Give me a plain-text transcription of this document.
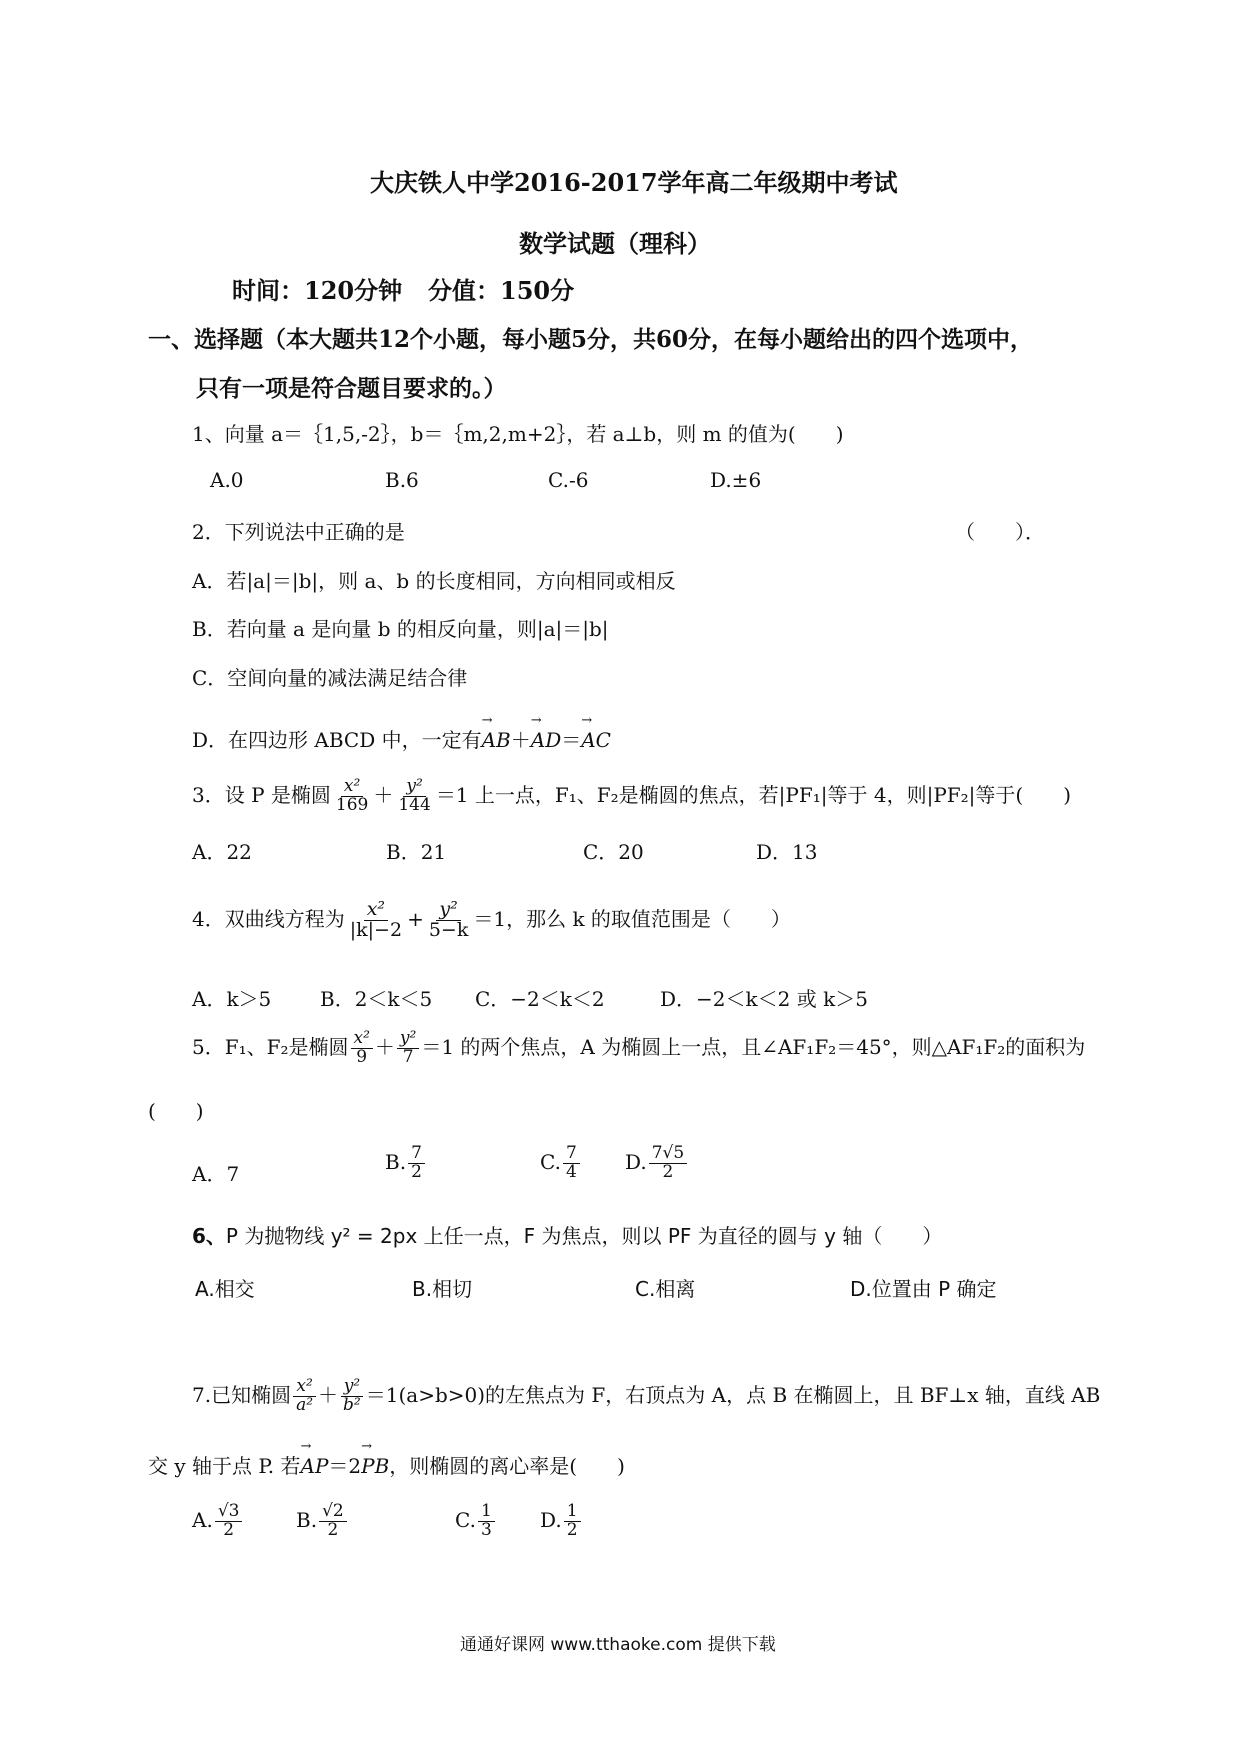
大庆铁人中学2016-2017学年高二年级期中考试
数学试题（理科）
时间：120分钟 分值：150分
一、选择题（本大题共12个小题，每小题5分，共60分，在每小题给出的四个选项中，
只有一项是符合题目要求的。）
1、向量 a＝｛1,5,-2｝，b＝｛m,2,m+2｝，若 a⊥b，则 m 的值为(　　)
A.0	B.6	C.-6	D.±6
2．下列说法中正确的是	（　　）．
A．若|a|＝|b|，则 a、b 的长度相同，方向相同或相反
B．若向量 a 是向量 b 的相反向量，则|a|＝|b|
C．空间向量的减法满足结合律
D．在四边形 ABCD 中，一定有→ AB＋→ AD＝→ AC
3．设 P 是椭圆 $\frac{\text{x²}}{169} + \frac{\text{y²}}{144} =1$ 上一点，F₁、F₂是椭圆的焦点，若|PF₁|等于 4，则|PF₂|等于(　　)
A．22	B．21	C．20	D．13
4．双曲线方程为 $\frac{\text{x²}}{|k|-2} + \frac{\text{y²}}{5-k} =1$，那么 k 的取值范围是（　　）
A．k＞5 B．2＜k＜5 C．−2＜k＜2	D．−2＜k＜2 或 k＞5
5．F₁、F₂是椭圆 $\frac{\text{x²}}{9} + \frac{\text{y²}}{7} =1$ 的两个焦点，A 为椭圆上一点，且∠AF₁F₂＝45°，则△AF₁F₂的面积为
(　　)
A．7
B. $\frac{7}{2}$	C. $\frac{7}{4} D$. $\frac{7√5}{2}$
6、P 为抛物线 y² = 2px 上任一点，F 为焦点，则以 PF 为直径的圆与 y 轴（　　）
A.相交	B.相切	C.相离	D.位置由 P 确定
7.已知椭圆 $\frac{\text{x²}}{\text{a²}} + \frac{\text{y²}}{\text{b²}} =1(a>b>0)$的左焦点为 F，右顶点为 A，点 B 在椭圆上，且 BF⊥x 轴，直线 AB
交 y 轴于点 P. 若→ AP＝2→ PB，则椭圆的离心率是(　　)
A. $\frac{√3}{2}$	B. $\frac{√2}{2}$	C. $\frac{1}{3} D$. $\frac{1}{2}$
通通好课网 www.tthaoke.com 提供下载
